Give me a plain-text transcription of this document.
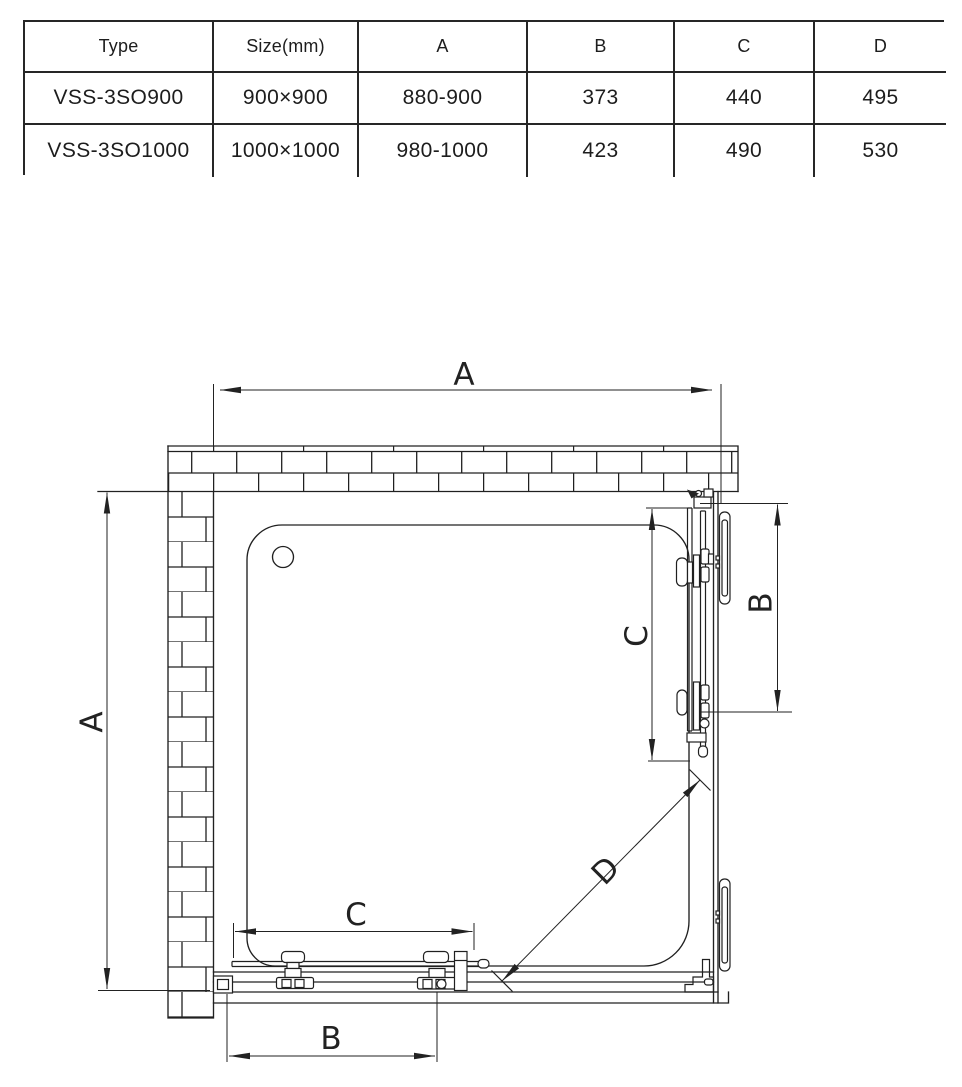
Type	Size(mm)	A	B	C	D
VSS-3SO900	900×900	880-900	373	440	495
VSS-3SO1000	1000×1000	980-1000	423	490	530
A
A
B
C
C
B
D
